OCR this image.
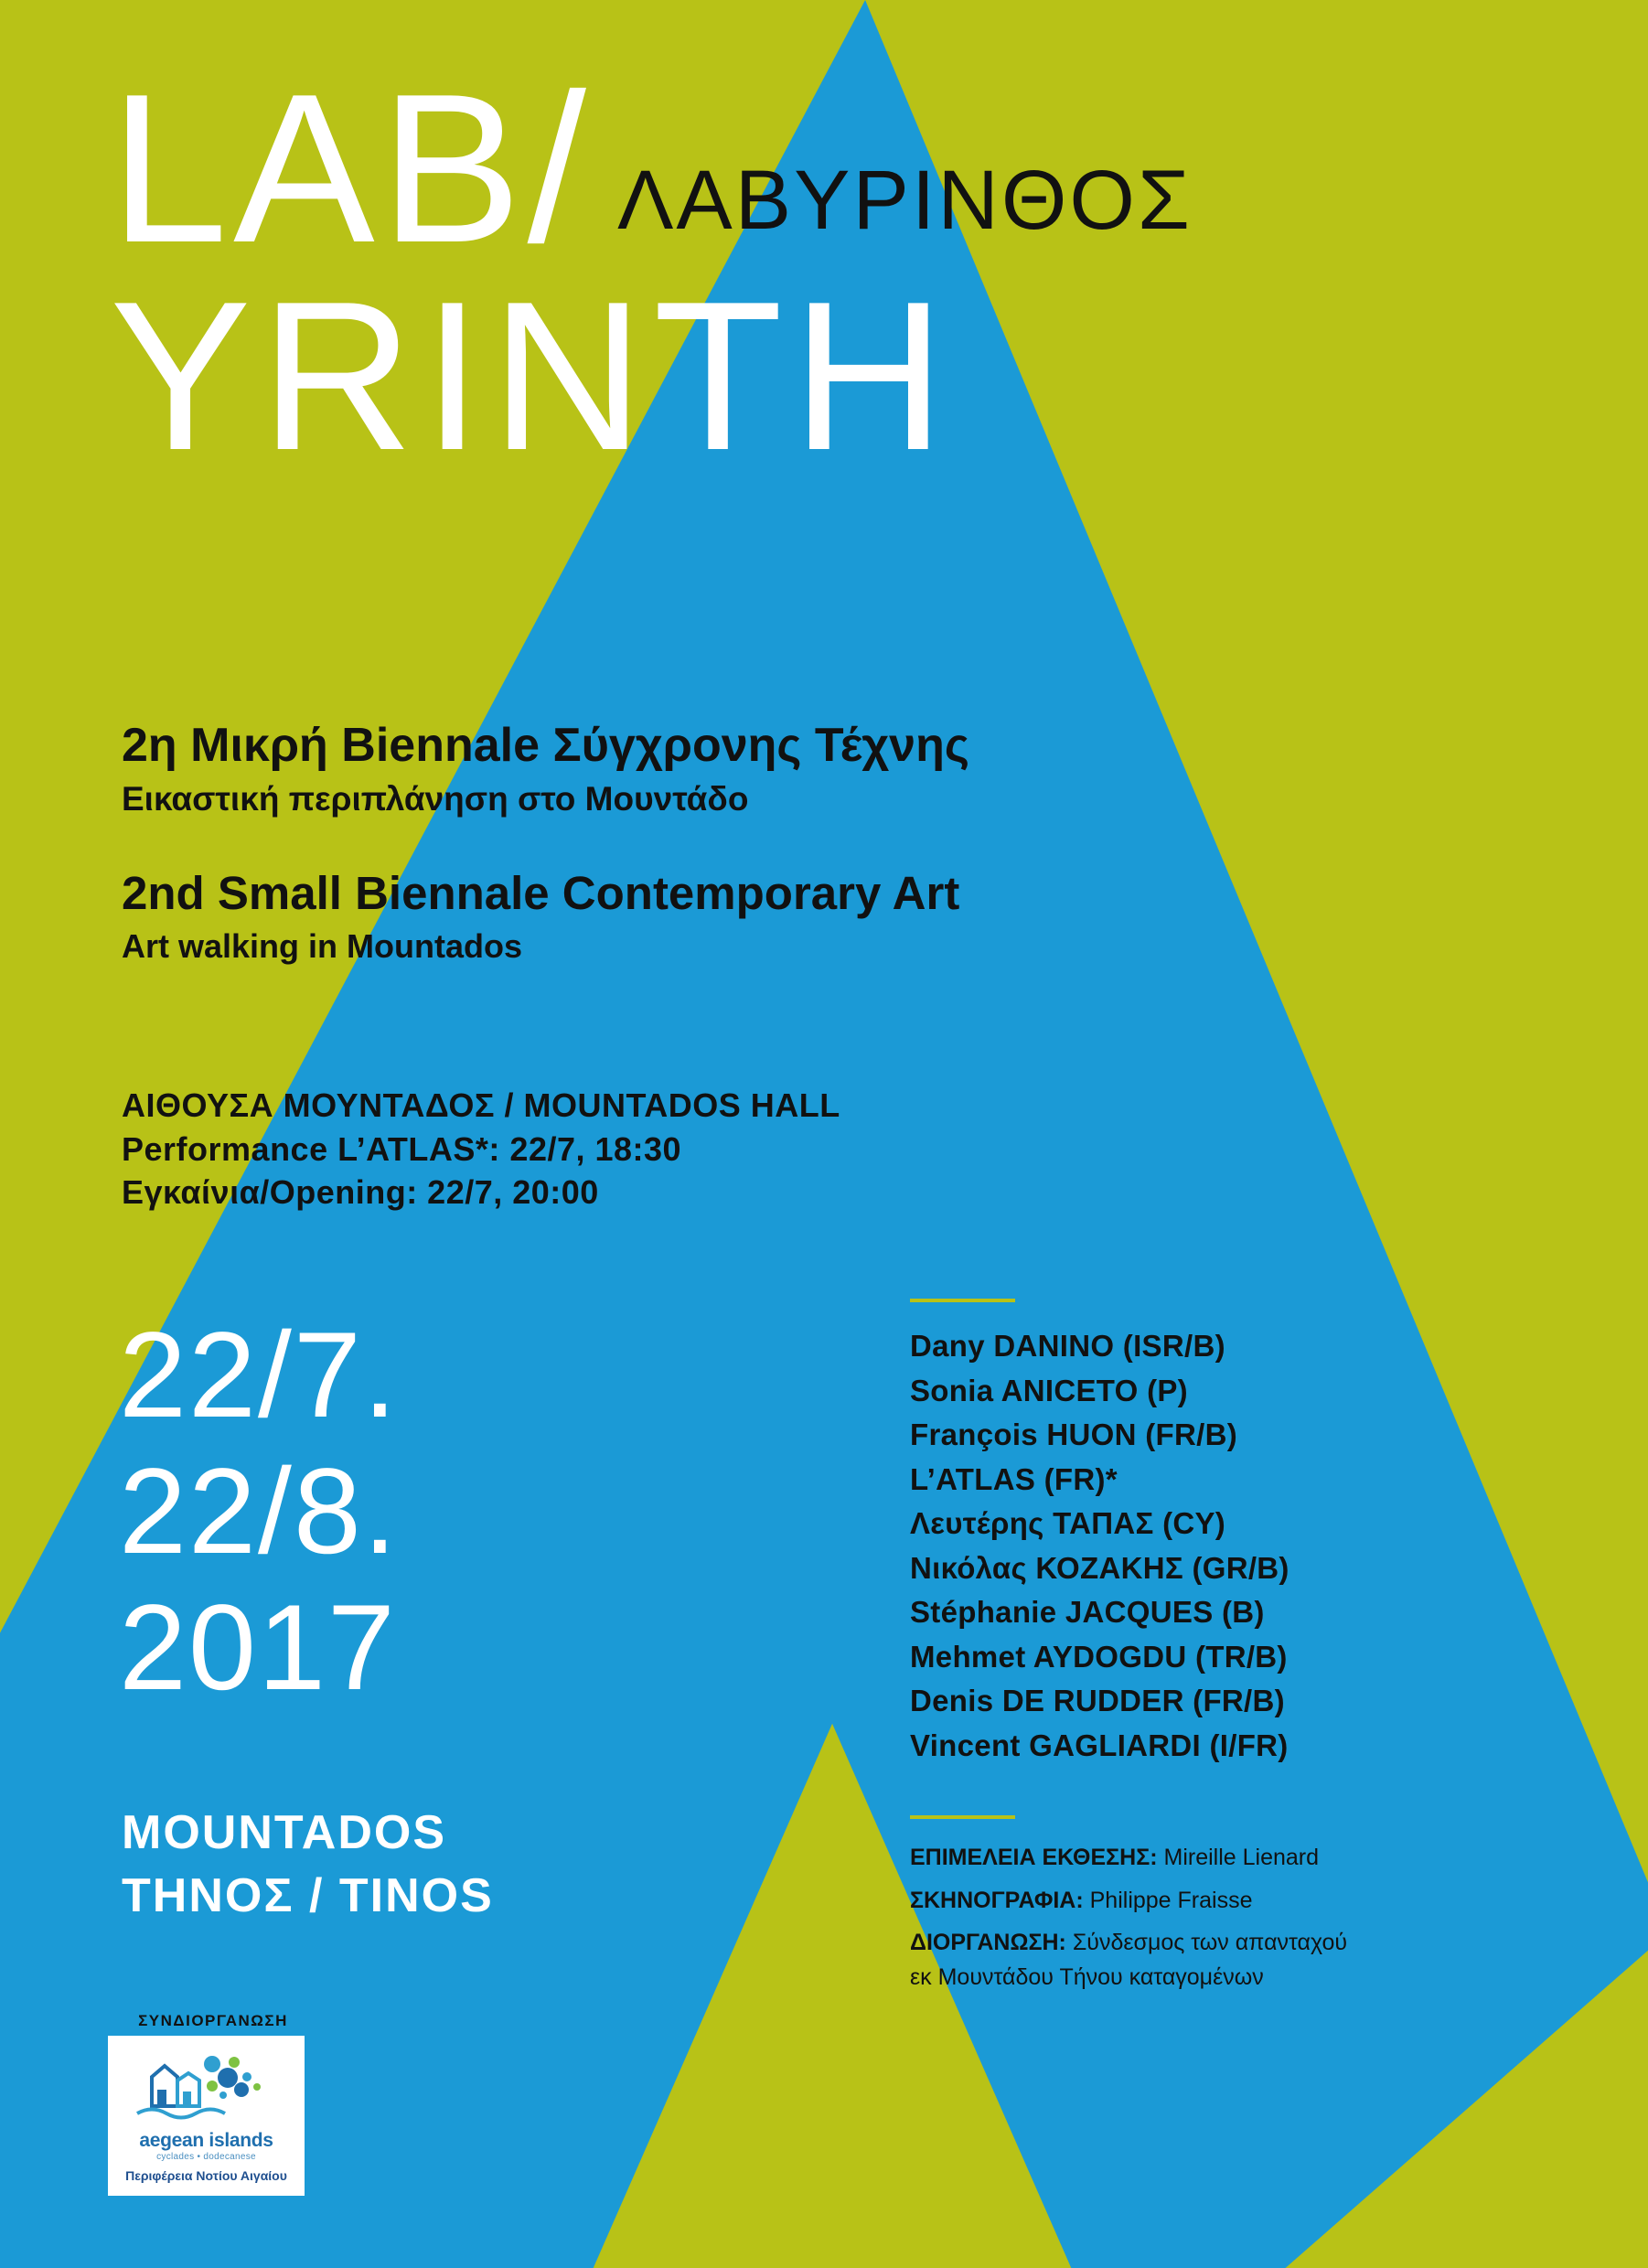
LAB/ ΛΑΒΥΡΙΝΘΟΣ
YRINTH
2η Μικρή Biennale Σύγχρονης Τέχνης
Εικαστική περιπλάνηση στο Μουντάδο
2nd Small Biennale Contemporary Art
Art walking in Mountados
ΑΙΘΟΥΣΑ ΜΟΥΝΤΑΔΟΣ / MOUNTADOS HALL
Performance L’ATLAS*: 22/7, 18:30
Εγκαίνια/Opening: 22/7, 20:00
22/7.
22/8.
2017
MOUNTADOS
ΤΗΝΟΣ / TINOS
Dany DANINO (ISR/B)
Sonia ANICETO (P)
François HUON (FR/B)
L’ATLAS (FR)*
Λευτέρης ΤΑΠΑΣ (CY)
Νικόλας ΚΟΖΑΚΗΣ (GR/B)
Stéphanie JACQUES (B)
Mehmet AYDOGDU (TR/B)
Denis DE RUDDER (FR/B)
Vincent GAGLIARDI (I/FR)
ΕΠΙΜΕΛΕΙΑ ΕΚΘΕΣΗΣ: Mireille Lienard
ΣΚΗΝΟΓΡΑΦΙΑ: Philippe Fraisse
ΔΙΟΡΓΑΝΩΣΗ: Σύνδεσμος των απανταχού
εκ Μουντάδου Τήνου καταγομένων
ΣΥΝΔΙΟΡΓΑΝΩΣΗ
aegean islands
cyclades • dodecanese
Περιφέρεια Νοτίου Αιγαίου
